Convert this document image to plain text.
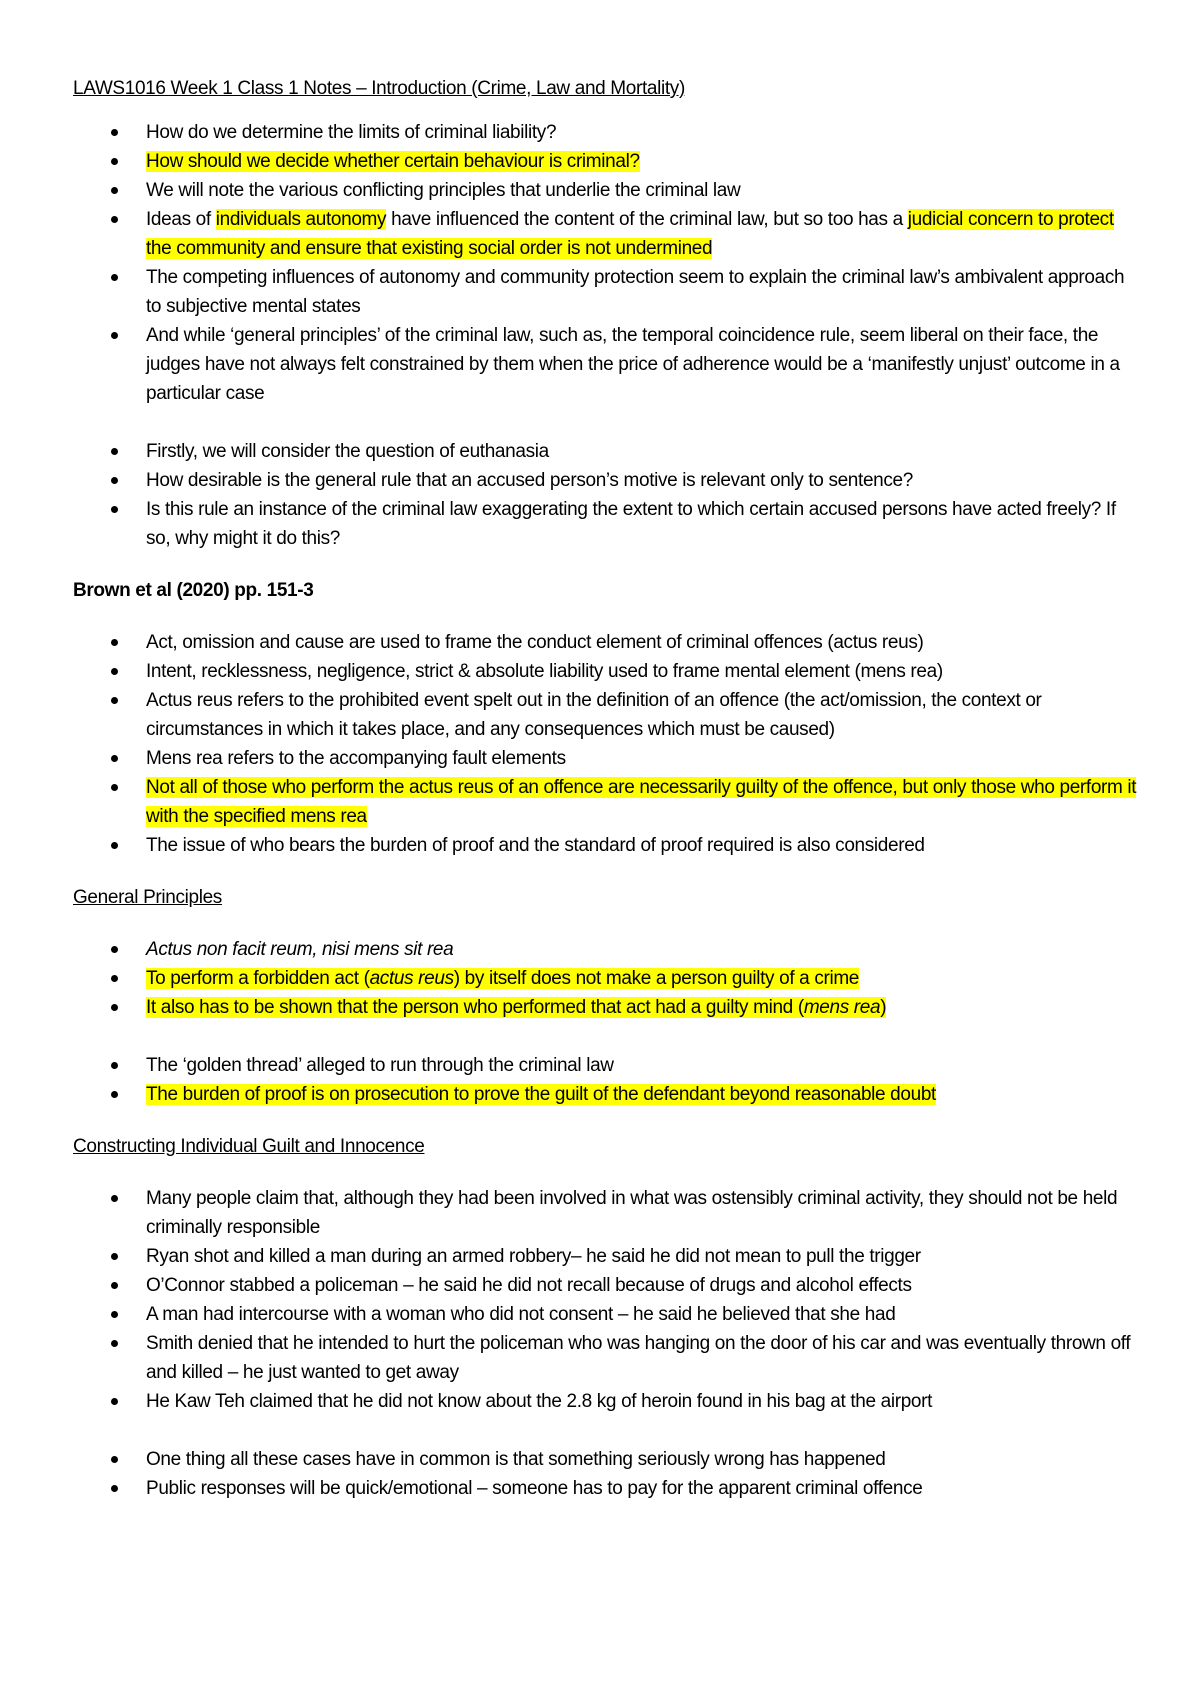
LAWS1016 Week 1 Class 1 Notes – Introduction (Crime, Law and Mortality)

How do we determine the limits of criminal liability?
How should we decide whether certain behaviour is criminal?
We will note the various conflicting principles that underlie the criminal law
Ideas of individuals autonomy have influenced the content of the criminal law, but so too has a judicial concern to protect the community and ensure that existing social order is not undermined
The competing influences of autonomy and community protection seem to explain the criminal law’s ambivalent approach to subjective mental states
And while ‘general principles’ of the criminal law, such as, the temporal coincidence rule, seem liberal on their face, the judges have not always felt constrained by them when the price of adherence would be a ‘manifestly unjust’ outcome in a particular case
Firstly, we will consider the question of euthanasia
How desirable is the general rule that an accused person’s motive is relevant only to sentence?
Is this rule an instance of the criminal law exaggerating the extent to which certain accused persons have acted freely? If so, why might it do this?

Brown et al (2020) pp. 151-3

Act, omission and cause are used to frame the conduct element of criminal offences (actus reus)
Intent, recklessness, negligence, strict & absolute liability used to frame mental element (mens rea)
Actus reus refers to the prohibited event spelt out in the definition of an offence (the act/omission, the context or circumstances in which it takes place, and any consequences which must be caused)
Mens rea refers to the accompanying fault elements
Not all of those who perform the actus reus of an offence are necessarily guilty of the offence, but only those who perform it with the specified mens rea
The issue of who bears the burden of proof and the standard of proof required is also considered

General Principles

Actus non facit reum, nisi mens sit rea
To perform a forbidden act (actus reus) by itself does not make a person guilty of a crime
It also has to be shown that the person who performed that act had a guilty mind (mens rea)
The ‘golden thread’ alleged to run through the criminal law
The burden of proof is on prosecution to prove the guilt of the defendant beyond reasonable doubt

Constructing Individual Guilt and Innocence

Many people claim that, although they had been involved in what was ostensibly criminal activity, they should not be held criminally responsible
Ryan shot and killed a man during an armed robbery– he said he did not mean to pull the trigger
O’Connor stabbed a policeman – he said he did not recall because of drugs and alcohol effects
A man had intercourse with a woman who did not consent – he said he believed that she had
Smith denied that he intended to hurt the policeman who was hanging on the door of his car and was eventually thrown off and killed – he just wanted to get away
He Kaw Teh claimed that he did not know about the 2.8 kg of heroin found in his bag at the airport
One thing all these cases have in common is that something seriously wrong has happened
Public responses will be quick/emotional – someone has to pay for the apparent criminal offence
